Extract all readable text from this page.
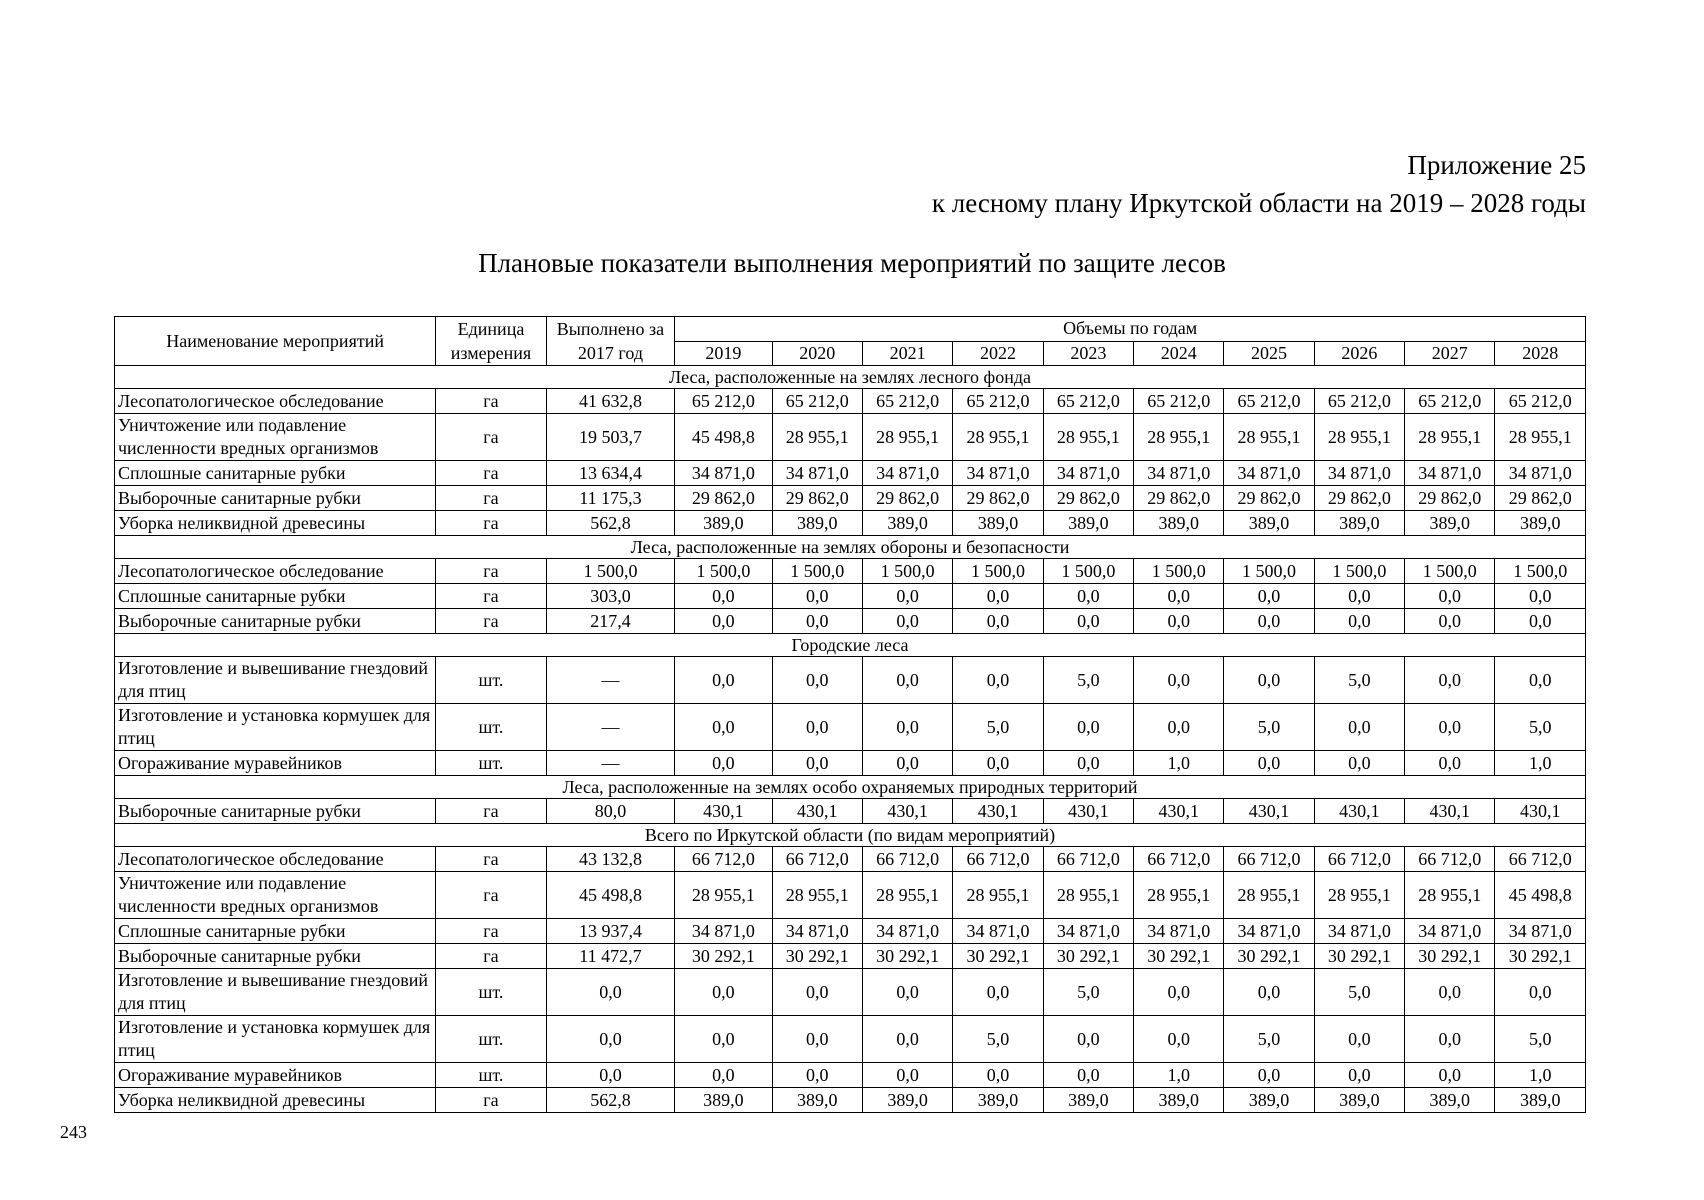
Приложение 25
к лесному плану Иркутской области на 2019 – 2028 годы
Плановые показатели выполнения мероприятий по защите лесов
Наименование мероприятий	Единица измерения	Выполнено за 2017 год	Объемы по годам									
			2019	2020	2021	2022	2023	2024	2025	2026	2027	2028
Леса, расположенные на землях лесного фонда												
Лесопатологическое обследование	га	41 632,8	65 212,0	65 212,0	65 212,0	65 212,0	65 212,0	65 212,0	65 212,0	65 212,0	65 212,0	65 212,0
Уничтожение или подавление численности вредных организмов	га	19 503,7	45 498,8	28 955,1	28 955,1	28 955,1	28 955,1	28 955,1	28 955,1	28 955,1	28 955,1	28 955,1
Сплошные санитарные рубки	га	13 634,4	34 871,0	34 871,0	34 871,0	34 871,0	34 871,0	34 871,0	34 871,0	34 871,0	34 871,0	34 871,0
Выборочные санитарные рубки	га	11 175,3	29 862,0	29 862,0	29 862,0	29 862,0	29 862,0	29 862,0	29 862,0	29 862,0	29 862,0	29 862,0
Уборка неликвидной древесины	га	562,8	389,0	389,0	389,0	389,0	389,0	389,0	389,0	389,0	389,0	389,0
Леса, расположенные на землях обороны и безопасности												
Лесопатологическое обследование	га	1 500,0	1 500,0	1 500,0	1 500,0	1 500,0	1 500,0	1 500,0	1 500,0	1 500,0	1 500,0	1 500,0
Сплошные санитарные рубки	га	303,0	0,0	0,0	0,0	0,0	0,0	0,0	0,0	0,0	0,0	0,0
Выборочные санитарные рубки	га	217,4	0,0	0,0	0,0	0,0	0,0	0,0	0,0	0,0	0,0	0,0
Городские леса												
Изготовление и вывешивание гнездовий для птиц	шт.	—	0,0	0,0	0,0	0,0	5,0	0,0	0,0	5,0	0,0	0,0
Изготовление и установка кормушек для птиц	шт.	—	0,0	0,0	0,0	5,0	0,0	0,0	5,0	0,0	0,0	5,0
Огораживание муравейников	шт.	—	0,0	0,0	0,0	0,0	0,0	1,0	0,0	0,0	0,0	1,0
Леса, расположенные на землях особо охраняемых природных территорий												
Выборочные санитарные рубки	га	80,0	430,1	430,1	430,1	430,1	430,1	430,1	430,1	430,1	430,1	430,1
Всего по Иркутской области (по видам мероприятий)												
Лесопатологическое обследование	га	43 132,8	66 712,0	66 712,0	66 712,0	66 712,0	66 712,0	66 712,0	66 712,0	66 712,0	66 712,0	66 712,0
Уничтожение или подавление численности вредных организмов	га	45 498,8	28 955,1	28 955,1	28 955,1	28 955,1	28 955,1	28 955,1	28 955,1	28 955,1	28 955,1	45 498,8
Сплошные санитарные рубки	га	13 937,4	34 871,0	34 871,0	34 871,0	34 871,0	34 871,0	34 871,0	34 871,0	34 871,0	34 871,0	34 871,0
Выборочные санитарные рубки	га	11 472,7	30 292,1	30 292,1	30 292,1	30 292,1	30 292,1	30 292,1	30 292,1	30 292,1	30 292,1	30 292,1
Изготовление и вывешивание гнездовий для птиц	шт.	0,0	0,0	0,0	0,0	0,0	5,0	0,0	0,0	5,0	0,0	0,0
Изготовление и установка кормушек для птиц	шт.	0,0	0,0	0,0	0,0	5,0	0,0	0,0	5,0	0,0	0,0	5,0
Огораживание муравейников	шт.	0,0	0,0	0,0	0,0	0,0	0,0	1,0	0,0	0,0	0,0	1,0
Уборка неликвидной древесины	га	562,8	389,0	389,0	389,0	389,0	389,0	389,0	389,0	389,0	389,0	389,0
243
